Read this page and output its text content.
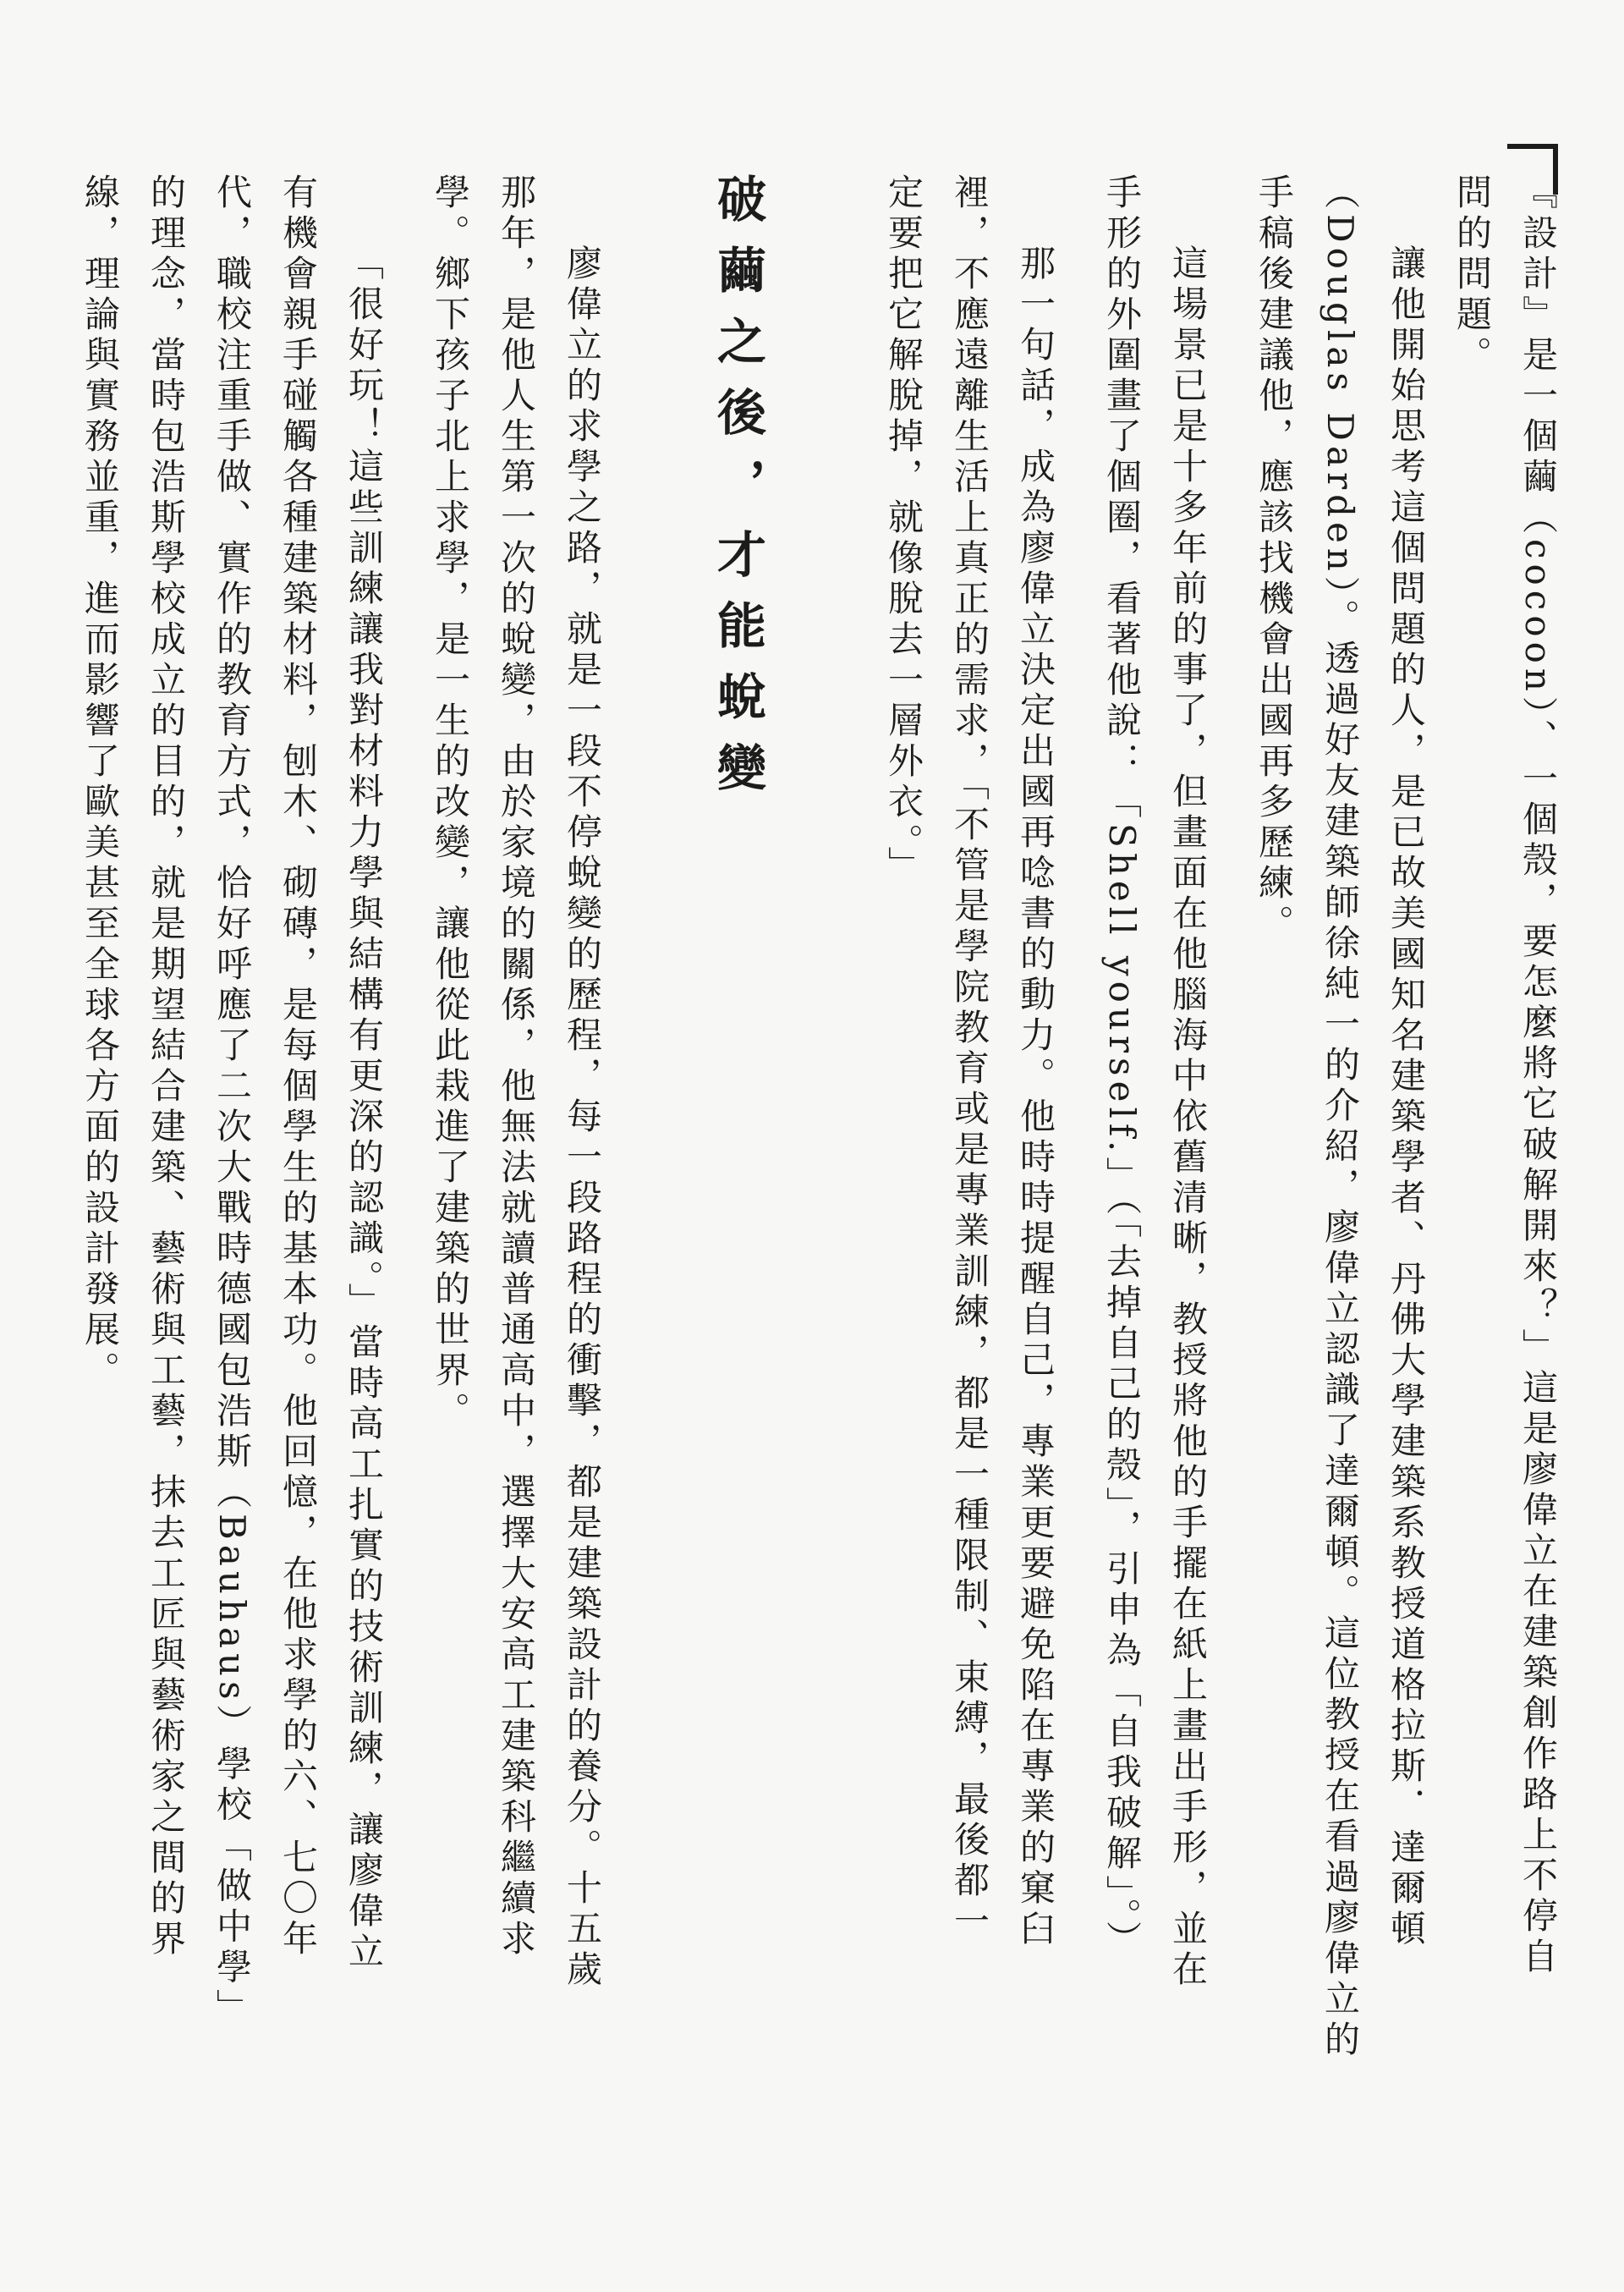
『設計』是一個繭（cocoon）、一個殼，要怎麼將它破解開來？」這是廖偉立在建築創作路上不停自
問的問題。
讓他開始思考這個問題的人，是已故美國知名建築學者、丹佛大學建築系教授道格拉斯．達爾頓
（Douglas Darden）。透過好友建築師徐純一的介紹，廖偉立認識了達爾頓。這位教授在看過廖偉立的
手稿後建議他，應該找機會出國再多歷練。
這場景已是十多年前的事了，但畫面在他腦海中依舊清晰，教授將他的手擺在紙上畫出手形，並在
手形的外圍畫了個圈，看著他說：「Shell yourself.」（「去掉自己的殼」，引申為「自我破解」。）
那一句話，成為廖偉立決定出國再唸書的動力。他時時提醒自己，專業更要避免陷在專業的窠臼
裡，不應遠離生活上真正的需求，「不管是學院教育或是專業訓練，都是一種限制、束縛，最後都一
定要把它解脫掉，就像脫去一層外衣。」
破繭之後，才能蛻變
廖偉立的求學之路，就是一段不停蛻變的歷程，每一段路程的衝擊，都是建築設計的養分。十五歲
那年，是他人生第一次的蛻變，由於家境的關係，他無法就讀普通高中，選擇大安高工建築科繼續求
學。鄉下孩子北上求學，是一生的改變，讓他從此栽進了建築的世界。
「很好玩！這些訓練讓我對材料力學與結構有更深的認識。」當時高工扎實的技術訓練，讓廖偉立
有機會親手碰觸各種建築材料，刨木、砌磚，是每個學生的基本功。他回憶，在他求學的六、七〇年
代，職校注重手做、實作的教育方式，恰好呼應了二次大戰時德國包浩斯（Bauhaus）學校「做中學」
的理念，當時包浩斯學校成立的目的，就是期望結合建築、藝術與工藝，抹去工匠與藝術家之間的界
線，理論與實務並重，進而影響了歐美甚至全球各方面的設計發展。
